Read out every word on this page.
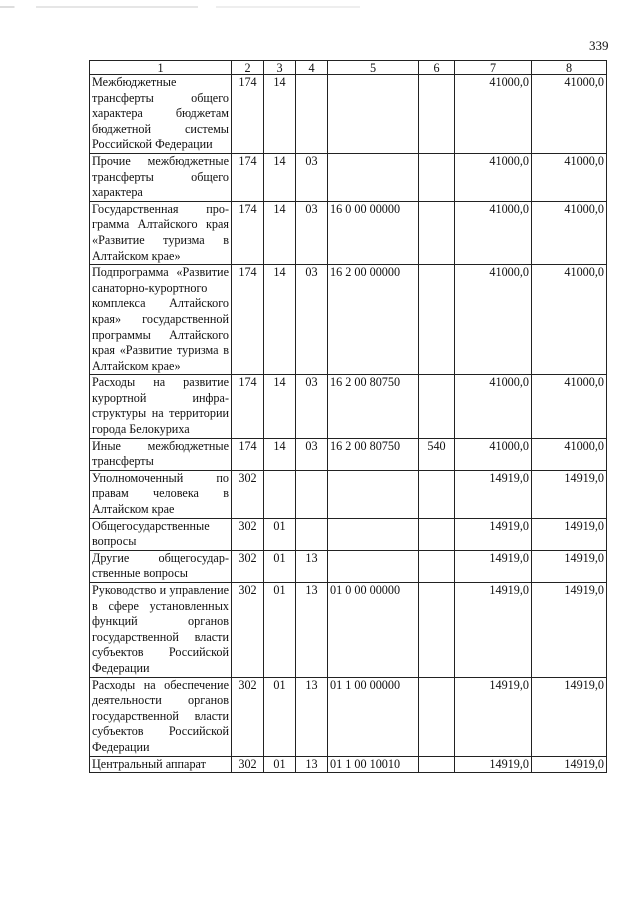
339
1	2	3	4	5	6	7	8
Межбюджетные трансферты общего характера бюджетам бюджетной системы Российской Федерации	174	14				41000,0	41000,0
Прочие межбюджетные трансферты общего характера	174	14	03			41000,0	41000,0
Государственная программа Алтайского края «Развитие туризма в Алтайском крае»	174	14	03	16 0 00 00000		41000,0	41000,0
Подпрограмма «Развитие санаторно-курортного комплекса Алтайского края» государственной программы Алтайского края «Развитие туризма в Алтайском крае»	174	14	03	16 2 00 00000		41000,0	41000,0
Расходы на развитие курортной инфраструктуры на территории города Белокуриха	174	14	03	16 2 00 80750		41000,0	41000,0
Иные межбюджетные трансферты	174	14	03	16 2 00 80750	540	41000,0	41000,0
Уполномоченный по правам человека в Алтайском крае	302					14919,0	14919,0
Общегосударственные вопросы	302	01				14919,0	14919,0
Другие общегосударственные вопросы	302	01	13			14919,0	14919,0
Руководство и управление в сфере установленных функций органов государственной власти субъектов Российской Федерации	302	01	13	01 0 00 00000		14919,0	14919,0
Расходы на обеспечение деятельности органов государственной власти субъектов Российской Федерации	302	01	13	01 1 00 00000		14919,0	14919,0
Центральный аппарат	302	01	13	01 1 00 10010		14919,0	14919,0
